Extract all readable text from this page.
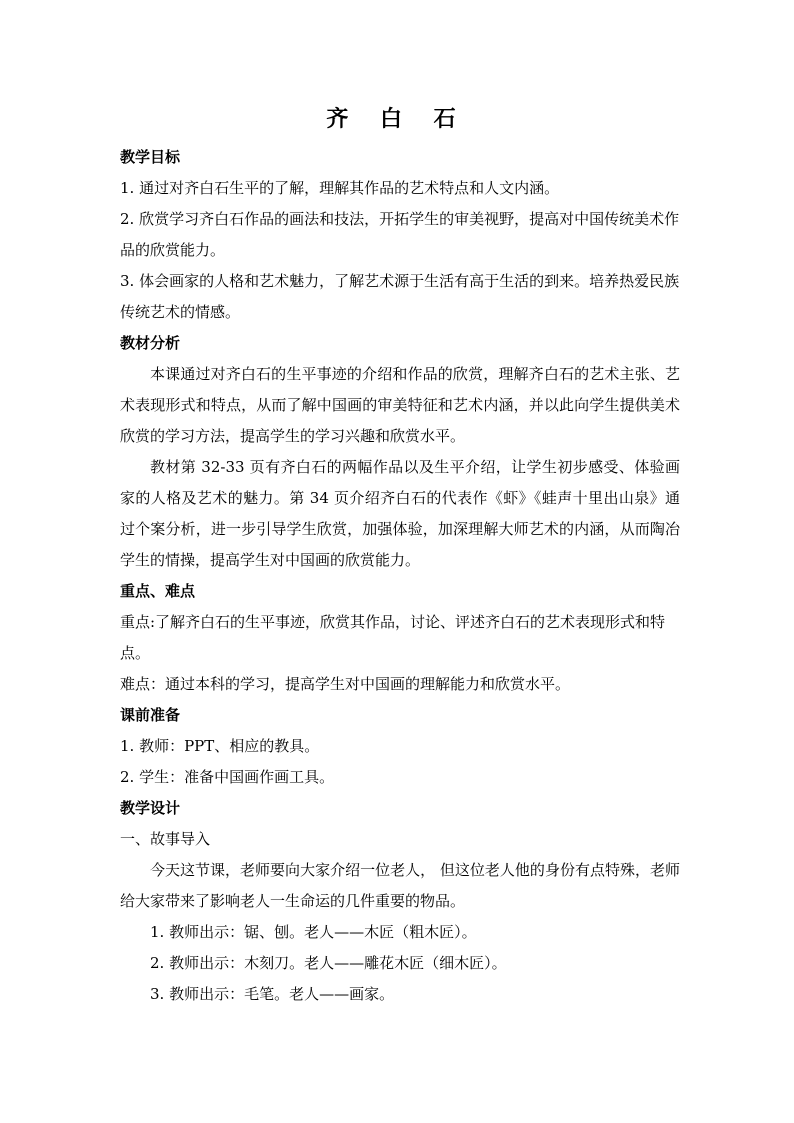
齐 白 石

教学目标

1. 通过对齐白石生平的了解，理解其作品的艺术特点和人文内涵。

2. 欣赏学习齐白石作品的画法和技法，开拓学生的审美视野，提高对中国传统美术作品的欣赏能力。

3. 体会画家的人格和艺术魅力，了解艺术源于生活有高于生活的到来。培养热爱民族传统艺术的情感。

教材分析

本课通过对齐白石的生平事迹的介绍和作品的欣赏，理解齐白石的艺术主张、艺术表现形式和特点，从而了解中国画的审美特征和艺术内涵，并以此向学生提供美术欣赏的学习方法，提高学生的学习兴趣和欣赏水平。

教材第 32-33 页有齐白石的两幅作品以及生平介绍，让学生初步感受、体验画家的人格及艺术的魅力。第 34 页介绍齐白石的代表作《虾》《蛙声十里出山泉》通过个案分析，进一步引导学生欣赏，加强体验，加深理解大师艺术的内涵，从而陶冶学生的情操，提高学生对中国画的欣赏能力。

重点、难点

重点:了解齐白石的生平事迹，欣赏其作品，讨论、评述齐白石的艺术表现形式和特点。

难点：通过本科的学习，提高学生对中国画的理解能力和欣赏水平。

课前准备

1. 教师：PPT、相应的教具。

2. 学生：准备中国画作画工具。

教学设计

一、故事导入

今天这节课，老师要向大家介绍一位老人， 但这位老人他的身份有点特殊，老师给大家带来了影响老人一生命运的几件重要的物品。

1. 教师出示：锯、刨。老人——木匠（粗木匠）。

2. 教师出示：木刻刀。老人——雕花木匠（细木匠）。

3. 教师出示：毛笔。老人——画家。
